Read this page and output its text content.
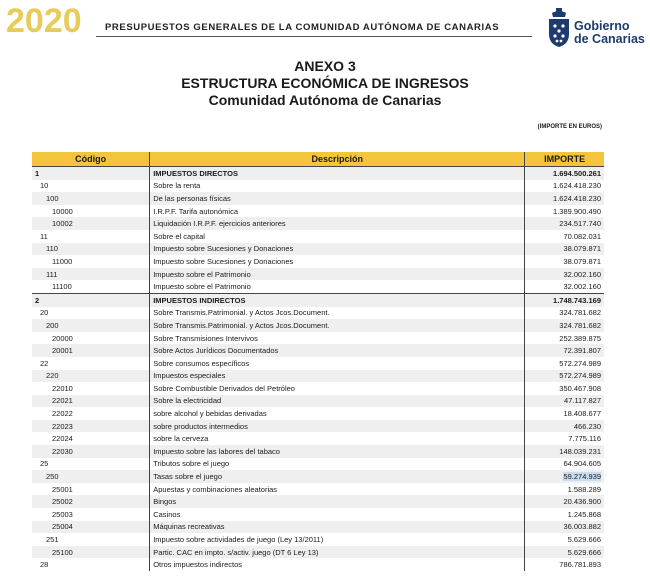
2020 PRESUPUESTOS GENERALES DE LA COMUNIDAD AUTÓNOMA DE CANARIAS	Gobierno
de Canarias
ANEXO 3
ESTRUCTURA ECONÓMICA DE INGRESOS
Comunidad Autónoma de Canarias
(IMPORTE EN EUROS)
Código	Descripción	IMPORTE
1	IMPUESTOS DIRECTOS	1.694.500.261
10	Sobre la renta	1.624.418.230
100	De las personas físicas	1.624.418.230
10000	I.R.P.F. Tarifa autonómica	1.389.900.490
10002	Liquidación I.R.P.F. ejercicios anteriores	234.517.740
11	Sobre el capital	70.082.031
110	Impuesto sobre Sucesiones y Donaciones	38.079.871
11000	Impuesto sobre Sucesiones y Donaciones	38.079.871
111	Impuesto sobre el Patrimonio	32.002.160
11100	Impuesto sobre el Patrimonio	32.002.160
2	IMPUESTOS INDIRECTOS	1.748.743.169
20	Sobre Transmis.Patrimonial. y Actos Jcos.Document.	324.781.682
200	Sobre Transmis.Patrimonial. y Actos Jcos.Document.	324.781.682
20000	Sobre Transmisiones Intervivos	252.389.875
20001	Sobre Actos Jurídicos Documentados	72.391.807
22	Sobre consumos específicos	572.274.989
220	Impuestos especiales	572.274.989
22010	Sobre Combustible Derivados del Petróleo	350.467.908
22021	Sobre la electricidad	47.117.827
22022	sobre alcohol y bebidas derivadas	18.408.677
22023	sobre productos intermedios	466.230
22024	sobre la cerveza	7.775.116
22030	Impuesto sobre las labores del tabaco	148.039.231
25	Tributos sobre el juego	64.904.605
250	Tasas sobre el juego	59.274.939
25001	Apuestas y combinaciones aleatorias	1.588.289
25002	Bingos	20.436.900
25003	Casinos	1.245.868
25004	Máquinas recreativas	36.003.882
251	Impuesto sobre actividades de juego (Ley 13/2011)	5.629.666
25100	Partic. CAC en impto. s/activ. juego (DT 6 Ley 13)	5.629.666
28	Otros impuestos indirectos	786.781.893
